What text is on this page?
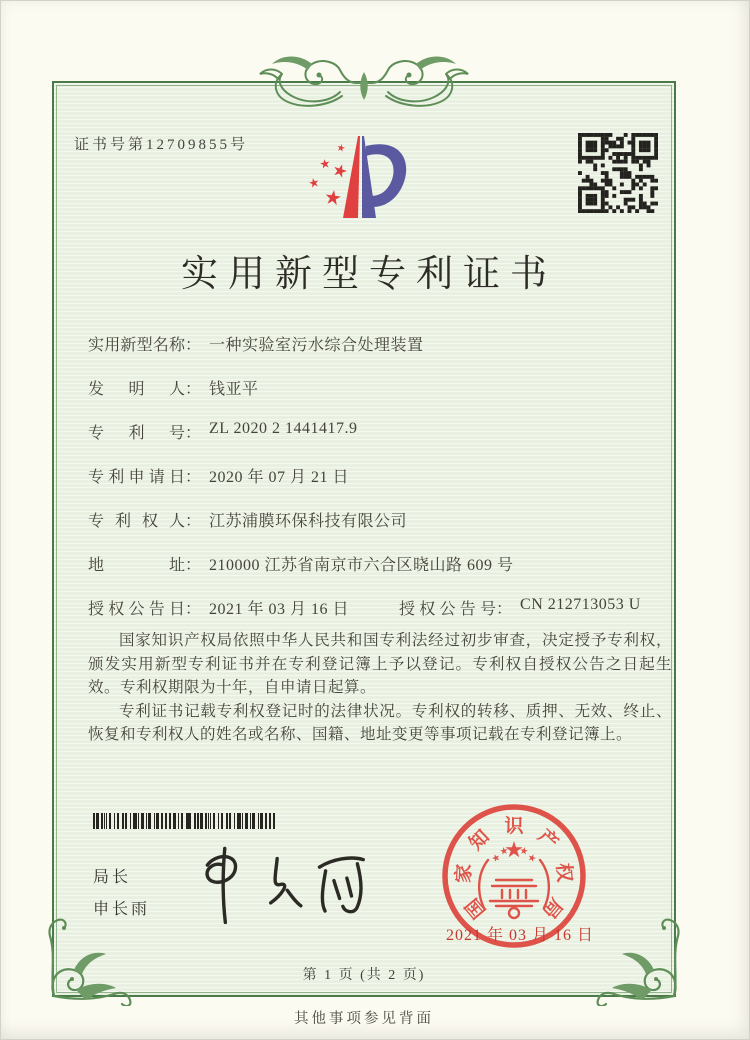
证书号第12709855号
实用新型专利证书
实用新型名称 ： 一种实验室污水综合处理装置
发明人 ： 钱亚平
专利号 ： ZL 2020 2 1441417.9
专利申请日 ： 2020 年 07 月 21 日
专利权人 ： 江苏浦膜环保科技有限公司
地址 ： 210000 江苏省南京市六合区晓山路 609 号
授权公告日 ： 2021 年 03 月 16 日	授权公告号 ： CN 212713053 U

国家知识产权局依照中华人民共和国专利法经过初步审查，决定授予专利权，颁发实用新型专利证书并在专利登记簿上予以登记。专利权自授权公告之日起生效。专利权期限为十年，自申请日起算。

专利证书记载专利权登记时的法律状况。专利权的转移、质押、无效、终止、恢复和专利权人的姓名或名称、国籍、地址变更等事项记载在专利登记簿上。

局长
申长雨	国
家
知 识 产
权
局
2021 年 03 月 16 日
第 1 页 (共 2 页)
其他事项参见背面
